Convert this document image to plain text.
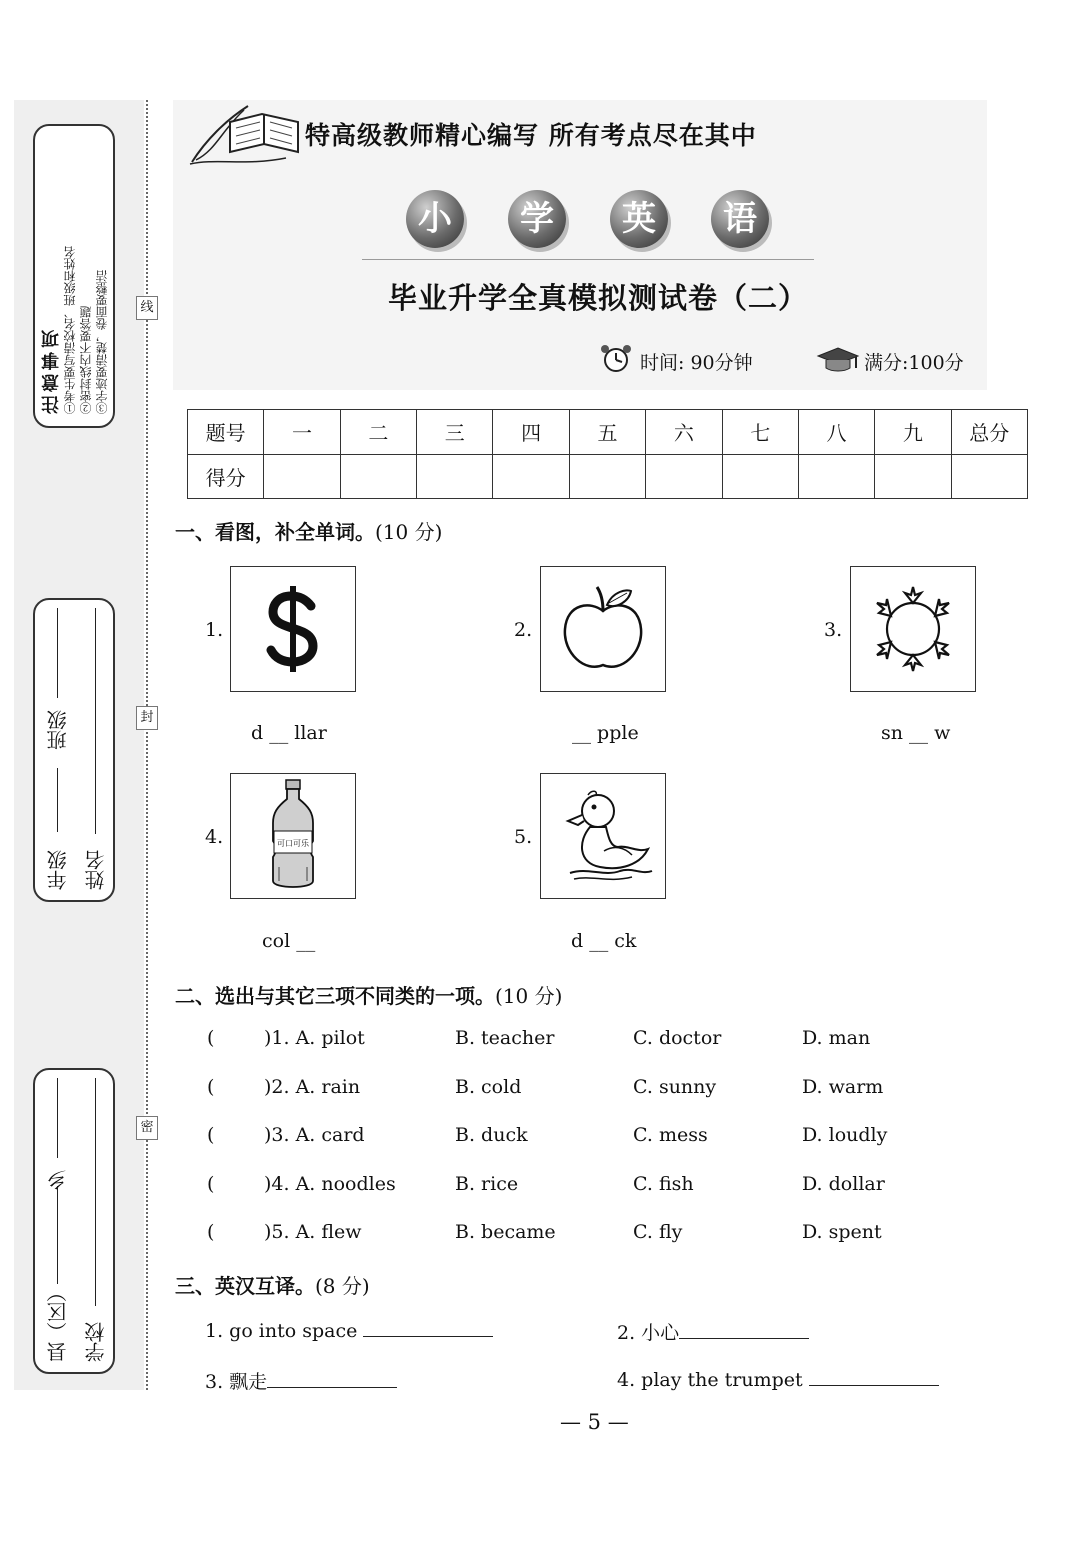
注意事项 ①考生要写清校名、班级和姓名 ②密封线内不要答题 ③字迹要清楚，卷面要整洁
年级
班级
姓名
县（区）
乡
学校
线
封
密
特高级教师精心编写 所有考点尽在其中
小	学	英	语
毕业升学全真模拟测试卷（二）
时间: 90分钟	满分:100分
题号	一	二	三	四	五	六	七	八	九	总分
得分										
一、看图，补全单词。(10 分)
1.
d __ llar
2.
__ pple
3.
sn __ w
4.	可口可乐
col __
5.
d __ ck
二、选出与其它三项不同类的一项。(10 分)
(	)1. A. pilot	B. teacher	C. doctor	D. man
(	)2. A. rain	B. cold	C. sunny	D. warm
(	)3. A. card	B. duck	C. mess	D. loudly
(	)4. A. noodles	B. rice	C. fish	D. dollar
(	)5. A. flew	B. became	C. fly	D. spent
三、英汉互译。(8 分)
1. go into space	2. 小心
3. 飘走	4. play the trumpet
— 5 —
